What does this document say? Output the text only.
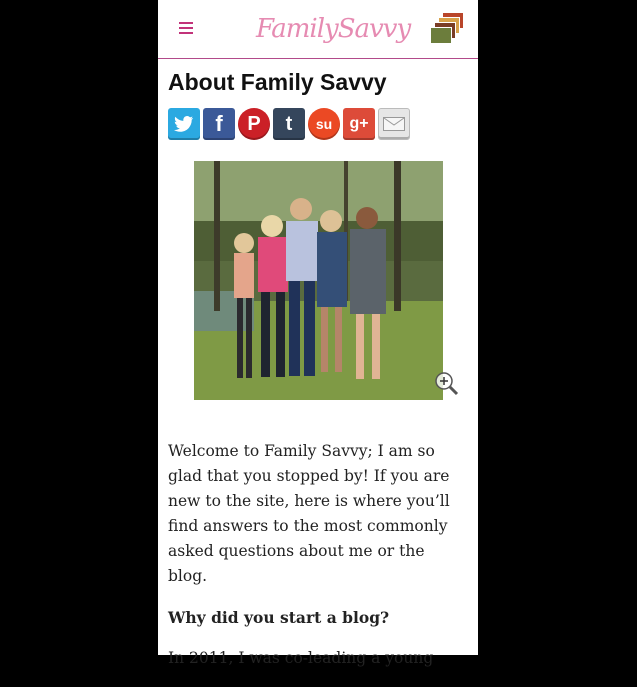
FamilySavvy
About Family Savvy
f P t su g+

Welcome to Family Savvy; I am so glad that you stopped by! If you are new to the site, here is where you’ll find answers to the most commonly asked questions about me or the blog.

Why did you start a blog?

In 2011, I was co-leading a young
